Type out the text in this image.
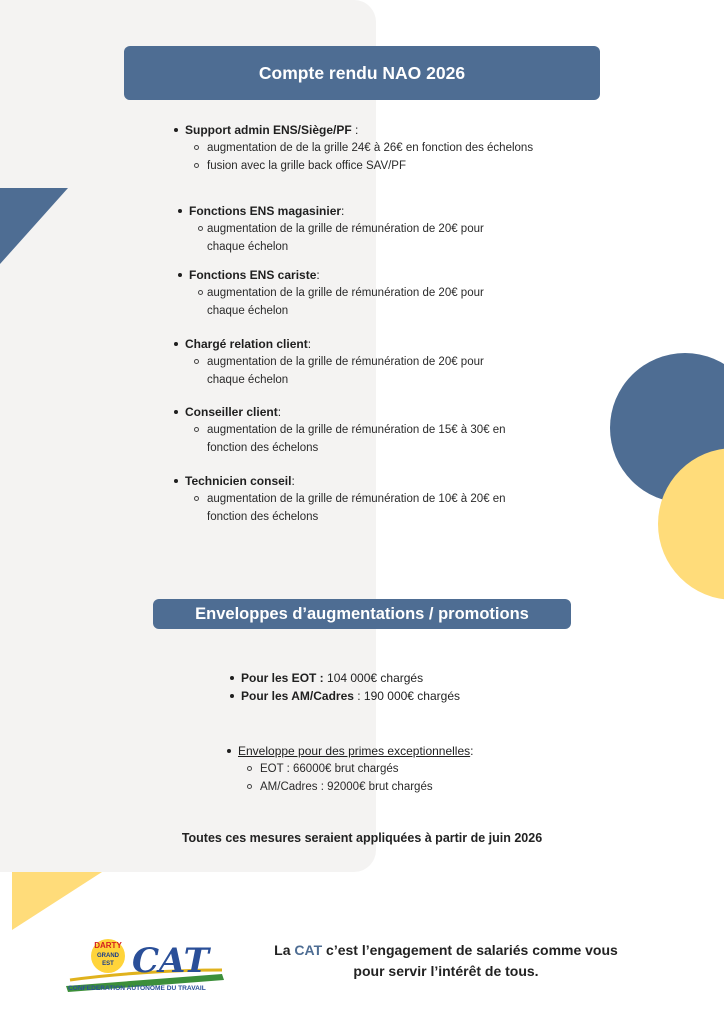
Compte rendu NAO 2026
Support admin ENS/Siège/PF :
augmentation de de la grille 24€ à 26€ en fonction des échelons
fusion avec la grille back office SAV/PF
Fonctions ENS magasinier:
augmentation de la grille de rémunération de 20€ pour
chaque échelon
Fonctions ENS cariste:
augmentation de la grille de rémunération de 20€ pour
chaque échelon
Chargé relation client:
augmentation de la grille de rémunération de 20€ pour
chaque échelon
Conseiller client:
augmentation de la grille de rémunération de 15€ à 30€ en
fonction des échelons
Technicien conseil:
augmentation de la grille de rémunération de 10€ à 20€ en
fonction des échelons
Enveloppes d’augmentations / promotions
Pour les EOT : 104 000€ chargés
Pour les AM/Cadres : 190 000€ chargés
Enveloppe pour des primes exceptionnelles:
EOT : 66000€ brut chargés
AM/Cadres : 92000€ brut chargés
Toutes ces mesures seraient appliquées à partir de juin 2026
DARTY
GRAND
EST CAT
CONFEDERATION AUTONOME DU TRAVAIL
La CAT c’est l’engagement de salariés comme vous
pour servir l’intérêt de tous.
